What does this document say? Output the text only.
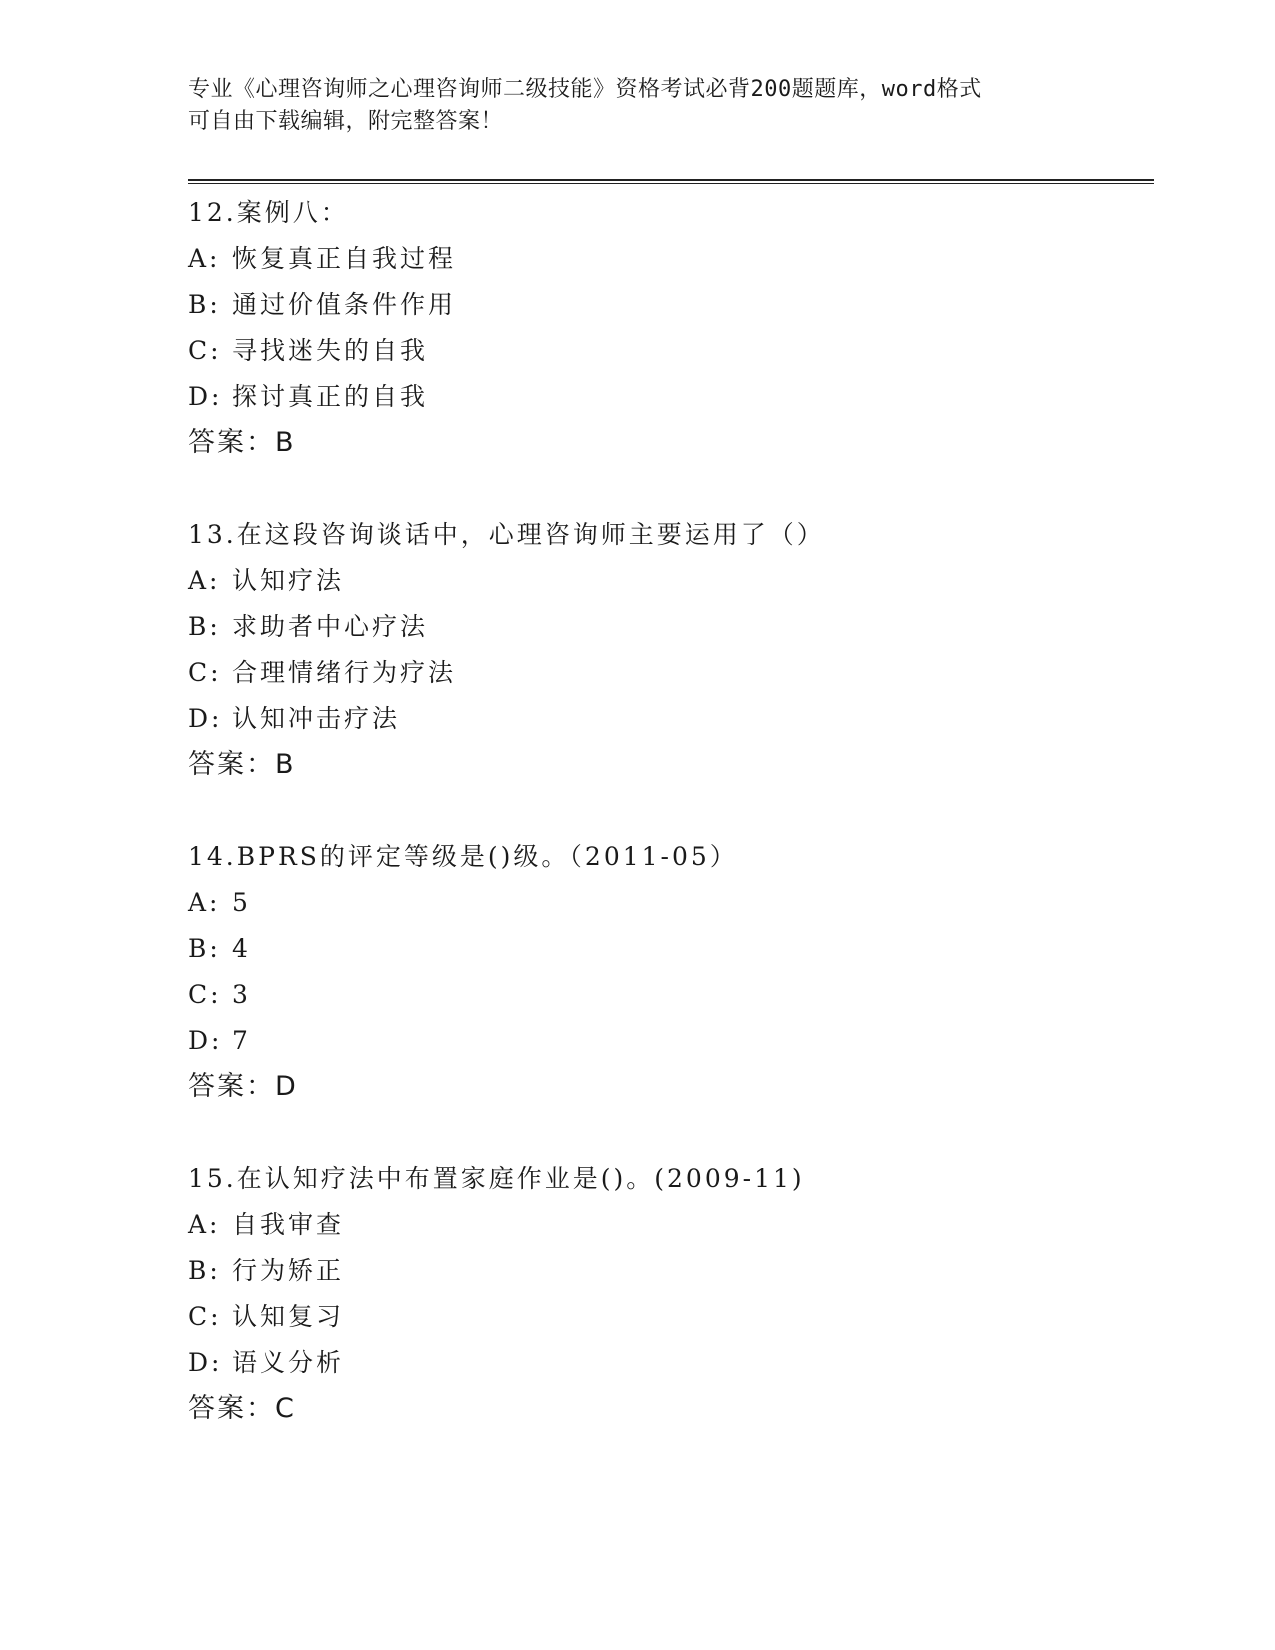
专业《心理咨询师之心理咨询师二级技能》资格考试必背200题题库，word格式
可自由下载编辑，附完整答案！
12.案例八：
A: 恢复真正自我过程
B: 通过价值条件作用
C: 寻找迷失的自我
D: 探讨真正的自我
答案：B
13.在这段咨询谈话中，心理咨询师主要运用了（）
A: 认知疗法
B: 求助者中心疗法
C: 合理情绪行为疗法
D: 认知冲击疗法
答案：B
14.BPRS的评定等级是()级。（2011-05）
A: 5
B: 4
C: 3
D: 7
答案：D
15.在认知疗法中布置家庭作业是()。(2009-11)
A: 自我审查
B: 行为矫正
C: 认知复习
D: 语义分析
答案：C
